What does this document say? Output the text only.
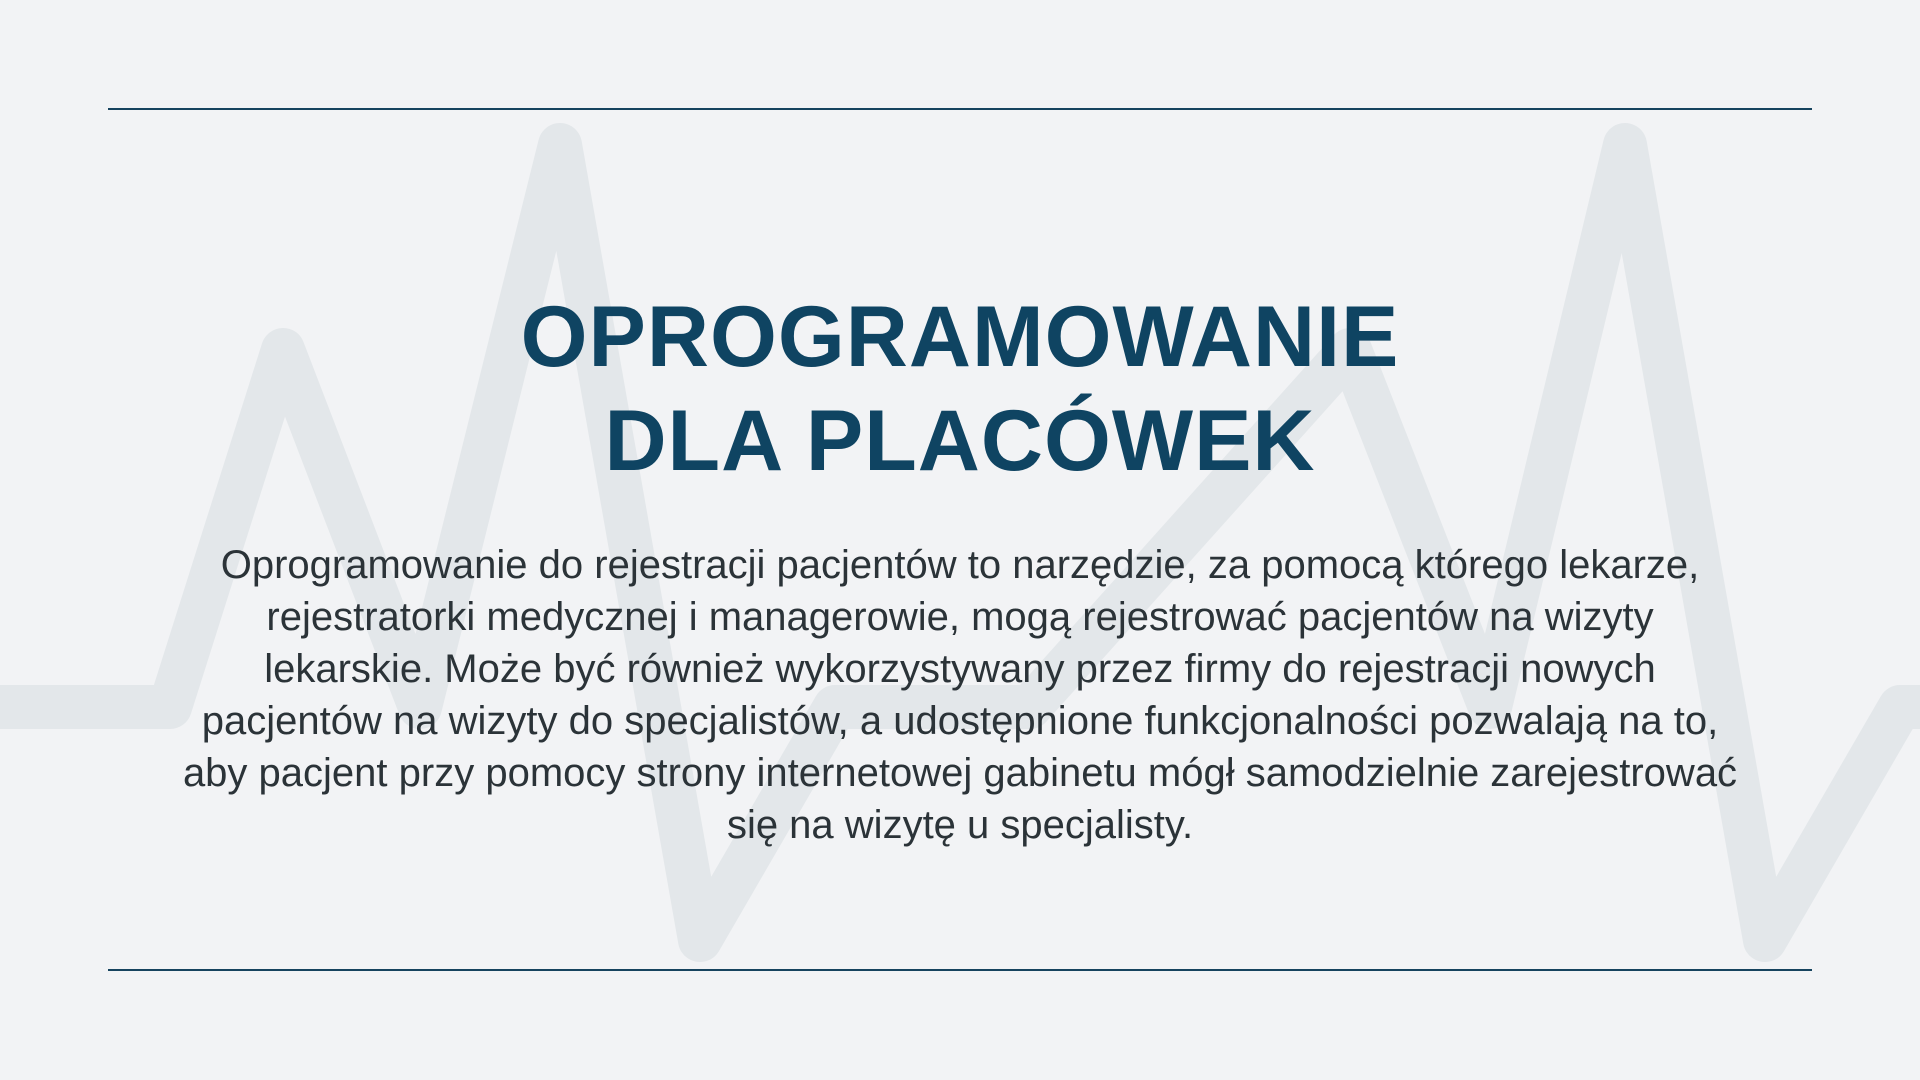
OPROGRAMOWANIE
DLA PLACÓWEK

Oprogramowanie do rejestracji pacjentów to narzędzie, za pomocą którego lekarze, rejestratorki medycznej i managerowie, mogą rejestrować pacjentów na wizyty lekarskie. Może być również wykorzystywany przez firmy do rejestracji nowych pacjentów na wizyty do specjalistów, a udostępnione funkcjonalności pozwalają na to, aby pacjent przy pomocy strony internetowej gabinetu mógł samodzielnie zarejestrować się na wizytę u specjalisty.
